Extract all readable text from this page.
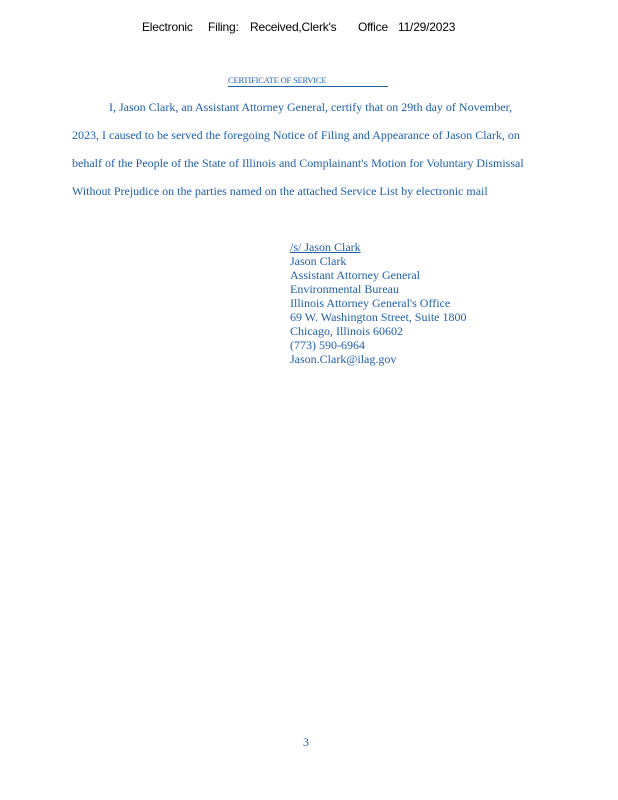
Electronic Filing: Received,Clerk's Office 11/29/2023
CERTIFICATE OF SERVICE
I, Jason Clark, an Assistant Attorney General, certify that on 29th day of November,
2023, I caused to be served the foregoing Notice of Filing and Appearance of Jason Clark, on
behalf of the People of the State of Illinois and Complainant's Motion for Voluntary Dismissal
Without Prejudice on the parties named on the attached Service List by electronic mail
/s/ Jason Clark
Jason Clark
Assistant Attorney General
Environmental Bureau
Illinois Attorney General's Office
69 W. Washington Street, Suite 1800
Chicago, Illinois 60602
(773) 590-6964
Jason.Clark@ilag.gov
3
